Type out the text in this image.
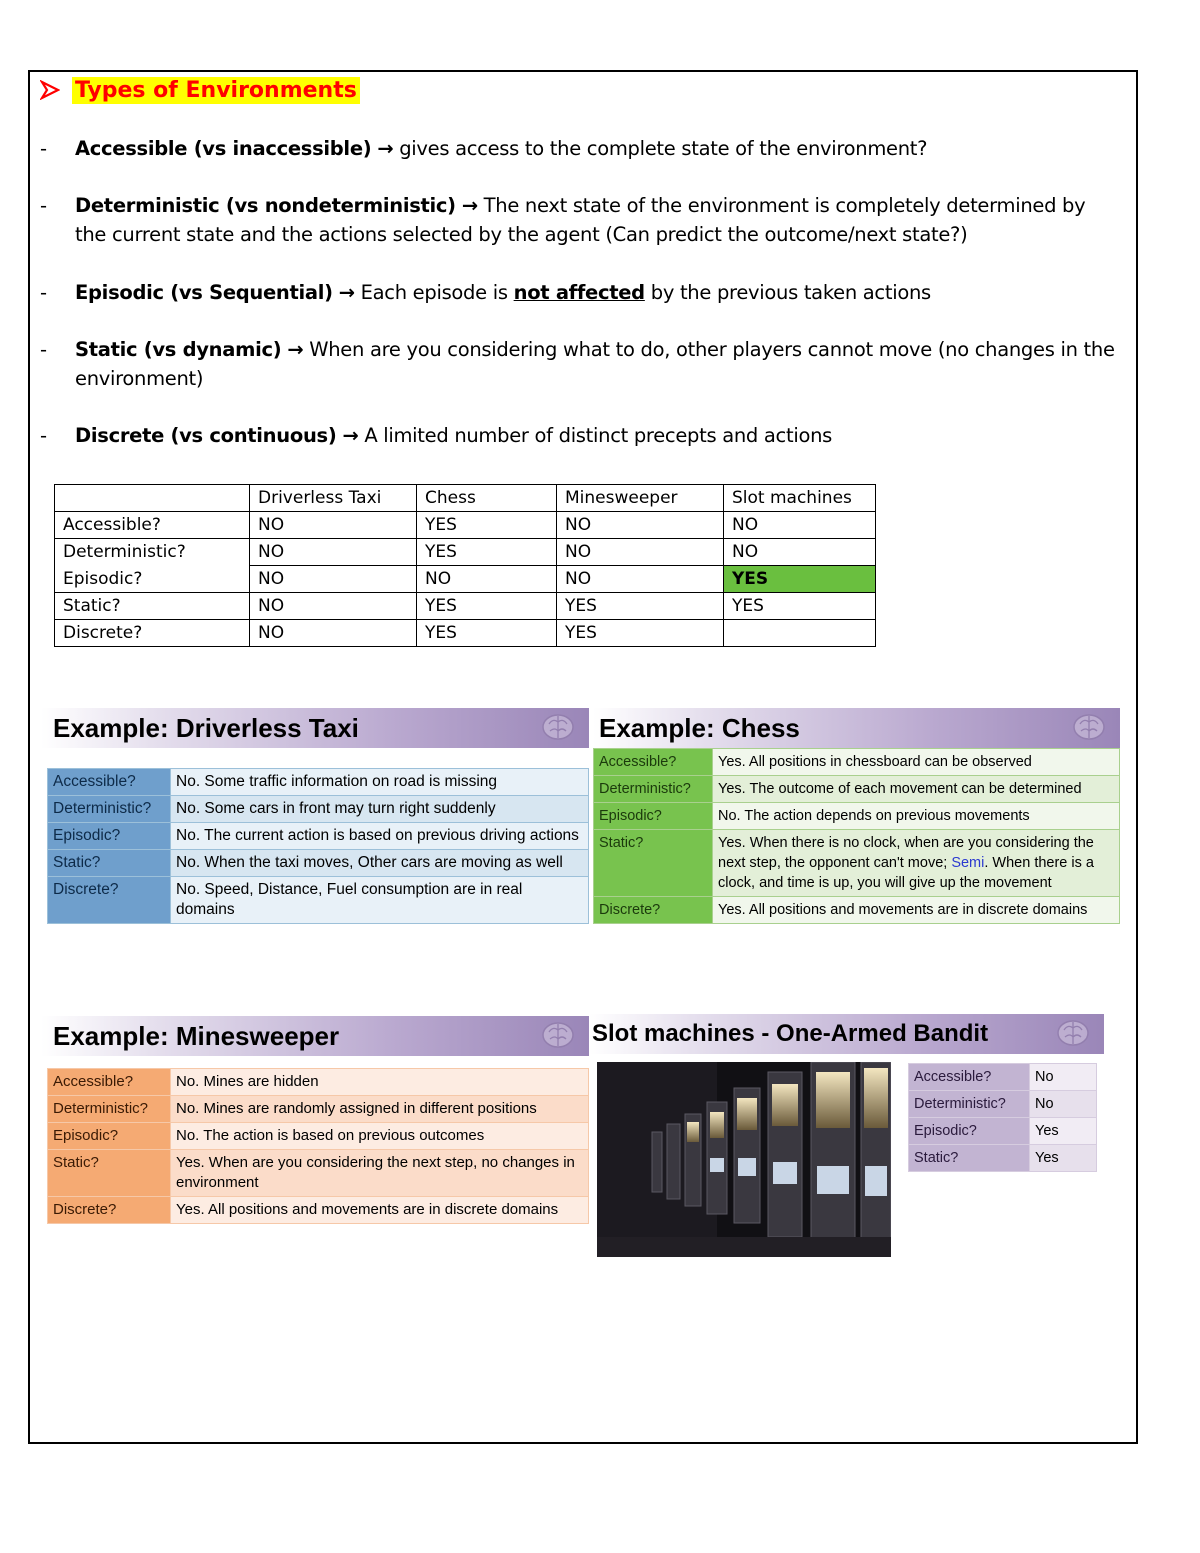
Types of Environments
-	Accessible (vs inaccessible) → gives access to the complete state of the environment?
-	Deterministic (vs nondeterministic) → The next state of the environment is completely determined by the current state and the actions selected by the agent (Can predict the outcome/next state?)
-	Episodic (vs Sequential) → Each episode is not affected by the previous taken actions
-	Static (vs dynamic) → When are you considering what to do, other players cannot move (no changes in the environment)
-	Discrete (vs continuous) → A limited number of distinct precepts and actions
	Driverless Taxi	Chess	Minesweeper	Slot machines
Accessible?	NO	YES	NO	NO
Deterministic?	NO	YES	NO	NO
Episodic?	NO	NO	NO	YES
Static?	NO	YES	YES	YES
Discrete?	NO	YES	YES	
Example: Driverless Taxi
Accessible?	No. Some traffic information on road is missing
Deterministic?	No. Some cars in front may turn right suddenly
Episodic?	No. The current action is based on previous driving actions
Static?	No. When the taxi moves, Other cars are moving as well
Discrete?	No. Speed, Distance, Fuel consumption are in real domains
Example: Chess
Accessible?	Yes. All positions in chessboard can be observed
Deterministic?	Yes. The outcome of each movement can be determined
Episodic?	No. The action depends on previous movements
Static?	Yes. When there is no clock, when are you considering the next step, the opponent can't move; Semi. When there is a clock, and time is up, you will give up the movement
Discrete?	Yes. All positions and movements are in discrete domains
Example: Minesweeper
Accessible?	No. Mines are hidden
Deterministic?	No. Mines are randomly assigned in different positions
Episodic?	No. The action is based on previous outcomes
Static?	Yes. When are you considering the next step, no changes in environment
Discrete?	Yes. All positions and movements are in discrete domains
Slot machines - One-Armed Bandit
Accessible?	No
Deterministic?	No
Episodic?	Yes
Static?	Yes
